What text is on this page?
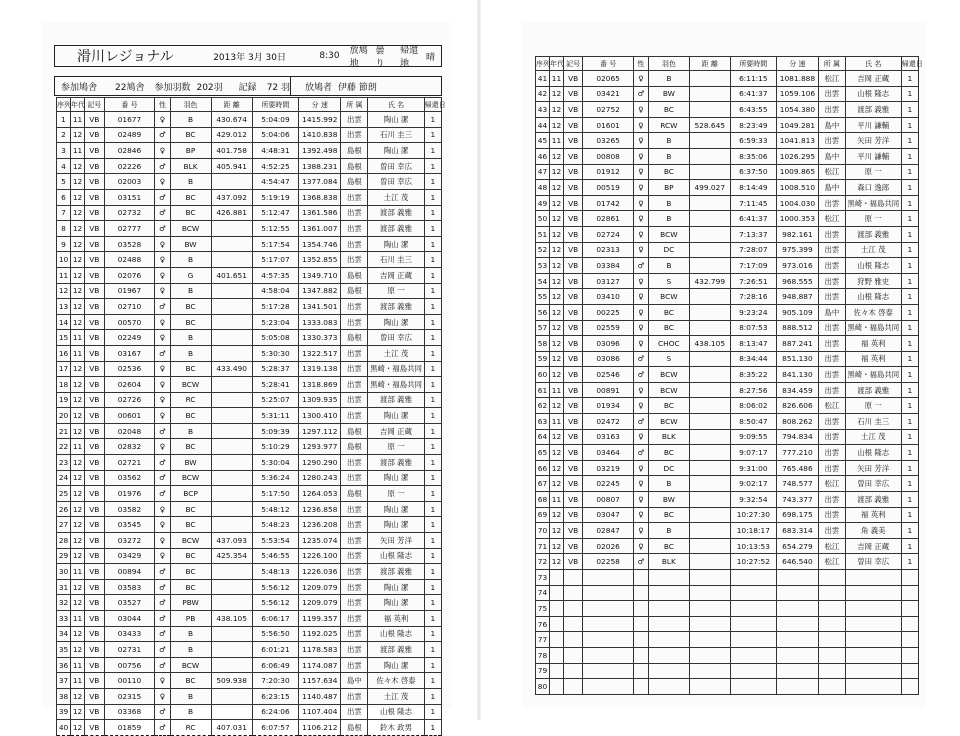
滑川レジョナル	2013年 3月 30日	8:30	放鳩地
曇り
帰還地
晴
参加鳩舎	22鳩舎	参加羽数 202羽	記録	72 羽	放鳩者 伊藤 節朗
序列	年代	記号	番 号	性	羽色	距 離	所要時間	分 速	所 属	氏 名	帰還日
1	11	VB	01677	♀	B	430.674	5:04:09	1415.992	出雲	陶山 潔	1
2	12	VB	02489	♂	BC	429.012	5:04:06	1410.838	出雲	石川 圭三	1
3	11	VB	02846	♀	BP	401.758	4:48:31	1392.498	島根	陶山 潔	1
4	12	VB	02226	♂	BLK	405.941	4:52:25	1388.231	島根	曽田 幸広	1
5	12	VB	02003	♀	B		4:54:47	1377.084	島根	曽田 幸広	1
6	12	VB	03151	♂	BC	437.092	5:19:19	1368.838	出雲	土江 茂	1
7	12	VB	02732	♂	BC	426.881	5:12:47	1361.586	出雲	渡部 義雅	1
8	12	VB	02777	♂	BCW		5:12:55	1361.007	出雲	渡部 義雅	1
9	12	VB	03528	♀	BW		5:17:54	1354.746	出雲	陶山 潔	1
10	12	VB	02488	♀	B		5:17:07	1352.855	出雲	石川 圭三	1
11	12	VB	02076	♀	G	401.651	4:57:35	1349.710	島根	吉岡 正蔵	1
12	12	VB	01967	♀	B		4:58:04	1347.882	島根	原 一	1
13	12	VB	02710	♂	BC		5:17:28	1341.501	出雲	渡部 義雅	1
14	12	VB	00570	♀	BC		5:23:04	1333.083	出雲	陶山 潔	1
15	11	VB	02249	♀	B		5:05:08	1330.373	島根	曽田 幸広	1
16	11	VB	03167	♂	B		5:30:30	1322.517	出雲	土江 茂	1
17	12	VB	02536	♀	BC	433.490	5:28:37	1319.138	出雲	黒崎・福島共同	1
18	12	VB	02604	♀	BCW		5:28:41	1318.869	出雲	黒崎・福島共同	1
19	12	VB	02726	♀	RC		5:25:07	1309.935	出雲	渡部 義雅	1
20	12	VB	00601	♀	BC		5:31:11	1300.410	出雲	陶山 潔	1
21	12	VB	02048	♂	B		5:09:39	1297.112	島根	吉岡 正蔵	1
22	11	VB	02832	♀	BC		5:10:29	1293.977	島根	原 一	1
23	12	VB	02721	♂	BW		5:30:04	1290.290	出雲	渡部 義雅	1
24	12	VB	03562	♂	BCW		5:36:24	1280.243	出雲	陶山 潔	1
25	12	VB	01976	♂	BCP		5:17:50	1264.053	島根	原 一	1
26	12	VB	03582	♀	BC		5:48:12	1236.858	出雲	陶山 潔	1
27	12	VB	03545	♀	BC		5:48:23	1236.208	出雲	陶山 潔	1
28	12	VB	03272	♀	BCW	437.093	5:53:54	1235.074	出雲	矢田 芳洋	1
29	12	VB	03429	♀	BC	425.354	5:46:55	1226.100	出雲	山根 隆志	1
30	11	VB	00894	♂	BC		5:48:13	1226.036	出雲	渡部 義雅	1
31	12	VB	03583	♂	BC		5:56:12	1209.079	出雲	陶山 潔	1
32	12	VB	03527	♂	PBW		5:56:12	1209.079	出雲	陶山 潔	1
33	11	VB	03044	♂	PB	438.105	6:06:17	1199.357	出雲	福 英利	1
34	12	VB	03433	♂	B		5:56:50	1192.025	出雲	山根 隆志	1
35	12	VB	02731	♂	B		6:01:21	1178.583	出雲	渡部 義雅	1
36	11	VB	00756	♂	BCW		6:06:49	1174.087	出雲	陶山 潔	1
37	11	VB	00110	♀	BC	509.938	7:20:30	1157.634	島中	佐々木 啓泰	1
38	12	VB	02315	♀	B		6:23:15	1140.487	出雲	土江 茂	1
39	12	VB	03368	♂	B		6:24:06	1107.404	出雲	山根 隆志	1
40	12	VB	01859	♂	RC	407.031	6:07:57	1106.212	島根	鈴木 政男	1
序列	年代	記号	番 号	性	羽色	距 離	所要時間	分 速	所 属	氏 名	帰還日
41	11	VB	02065	♀	B		6:11:15	1081.888	松江	吉岡 正蔵	1
42	12	VB	03421	♂	BW		6:41:37	1059.106	出雲	山根 隆志	1
43	12	VB	02752	♀	BC		6:43:55	1054.380	出雲	渡部 義雅	1
44	12	VB	01601	♀	RCW	528.645	8:23:49	1049.281	島中	平川 謙輔	1
45	11	VB	03265	♀	B		6:59:33	1041.813	出雲	矢田 芳洋	1
46	12	VB	00808	♀	B		8:35:06	1026.295	島中	平川 謙輔	1
47	12	VB	01912	♀	BC		6:37:50	1009.865	松江	原 一	1
48	12	VB	00519	♀	BP	499.027	8:14:49	1008.510	島中	森口 逸郎	1
49	12	VB	01742	♀	B		7:11:45	1004.030	出雲	黒崎・福島共同	1
50	12	VB	02861	♀	B		6:41:37	1000.353	松江	原 一	1
51	12	VB	02724	♀	BCW		7:13:37	982.161	出雲	渡部 義雅	1
52	12	VB	02313	♀	DC		7:28:07	975.399	出雲	土江 茂	1
53	12	VB	03384	♂	B		7:17:09	973.016	出雲	山根 隆志	1
54	12	VB	03127	♀	S	432.799	7:26:51	968.555	出雲	狩野 雅史	1
55	12	VB	03410	♀	BCW		7:28:16	948.887	出雲	山根 隆志	1
56	12	VB	00225	♀	BC		9:23:24	905.109	島中	佐々木 啓泰	1
57	12	VB	02559	♀	BC		8:07:53	888.512	出雲	黒崎・福島共同	1
58	12	VB	03096	♀	CHOC	438.105	8:13:47	887.241	出雲	福 英利	1
59	12	VB	03086	♂	S		8:34:44	851.130	出雲	福 英利	1
60	12	VB	02546	♂	BCW		8:35:22	841.130	出雲	黒崎・福島共同	1
61	11	VB	00891	♀	BCW		8:27:56	834.459	出雲	渡部 義雅	1
62	12	VB	01934	♀	BC		8:06:02	826.606	松江	原 一	1
63	11	VB	02472	♂	BCW		8:50:47	808.262	出雲	石川 圭三	1
64	12	VB	03163	♀	BLK		9:09:55	794.834	出雲	土江 茂	1
65	12	VB	03464	♂	BC		9:07:17	777.210	出雲	山根 隆志	1
66	12	VB	03219	♀	DC		9:31:00	765.486	出雲	矢田 芳洋	1
67	12	VB	02245	♀	B		9:02:17	748.577	松江	曽田 幸広	1
68	11	VB	00807	♀	BW		9:32:54	743.377	出雲	渡部 義雅	1
69	12	VB	03047	♀	BC		10:27:30	698.175	出雲	福 英利	1
70	12	VB	02847	♀	B		10:18:17	683.314	出雲	角 義美	1
71	12	VB	02026	♀	BC		10:13:53	654.279	松江	吉岡 正蔵	1
72	12	VB	02258	♂	BLK		10:27:52	646.540	松江	曽田 幸広	1
73											
74											
75											
76											
77											
78											
79											
80											
